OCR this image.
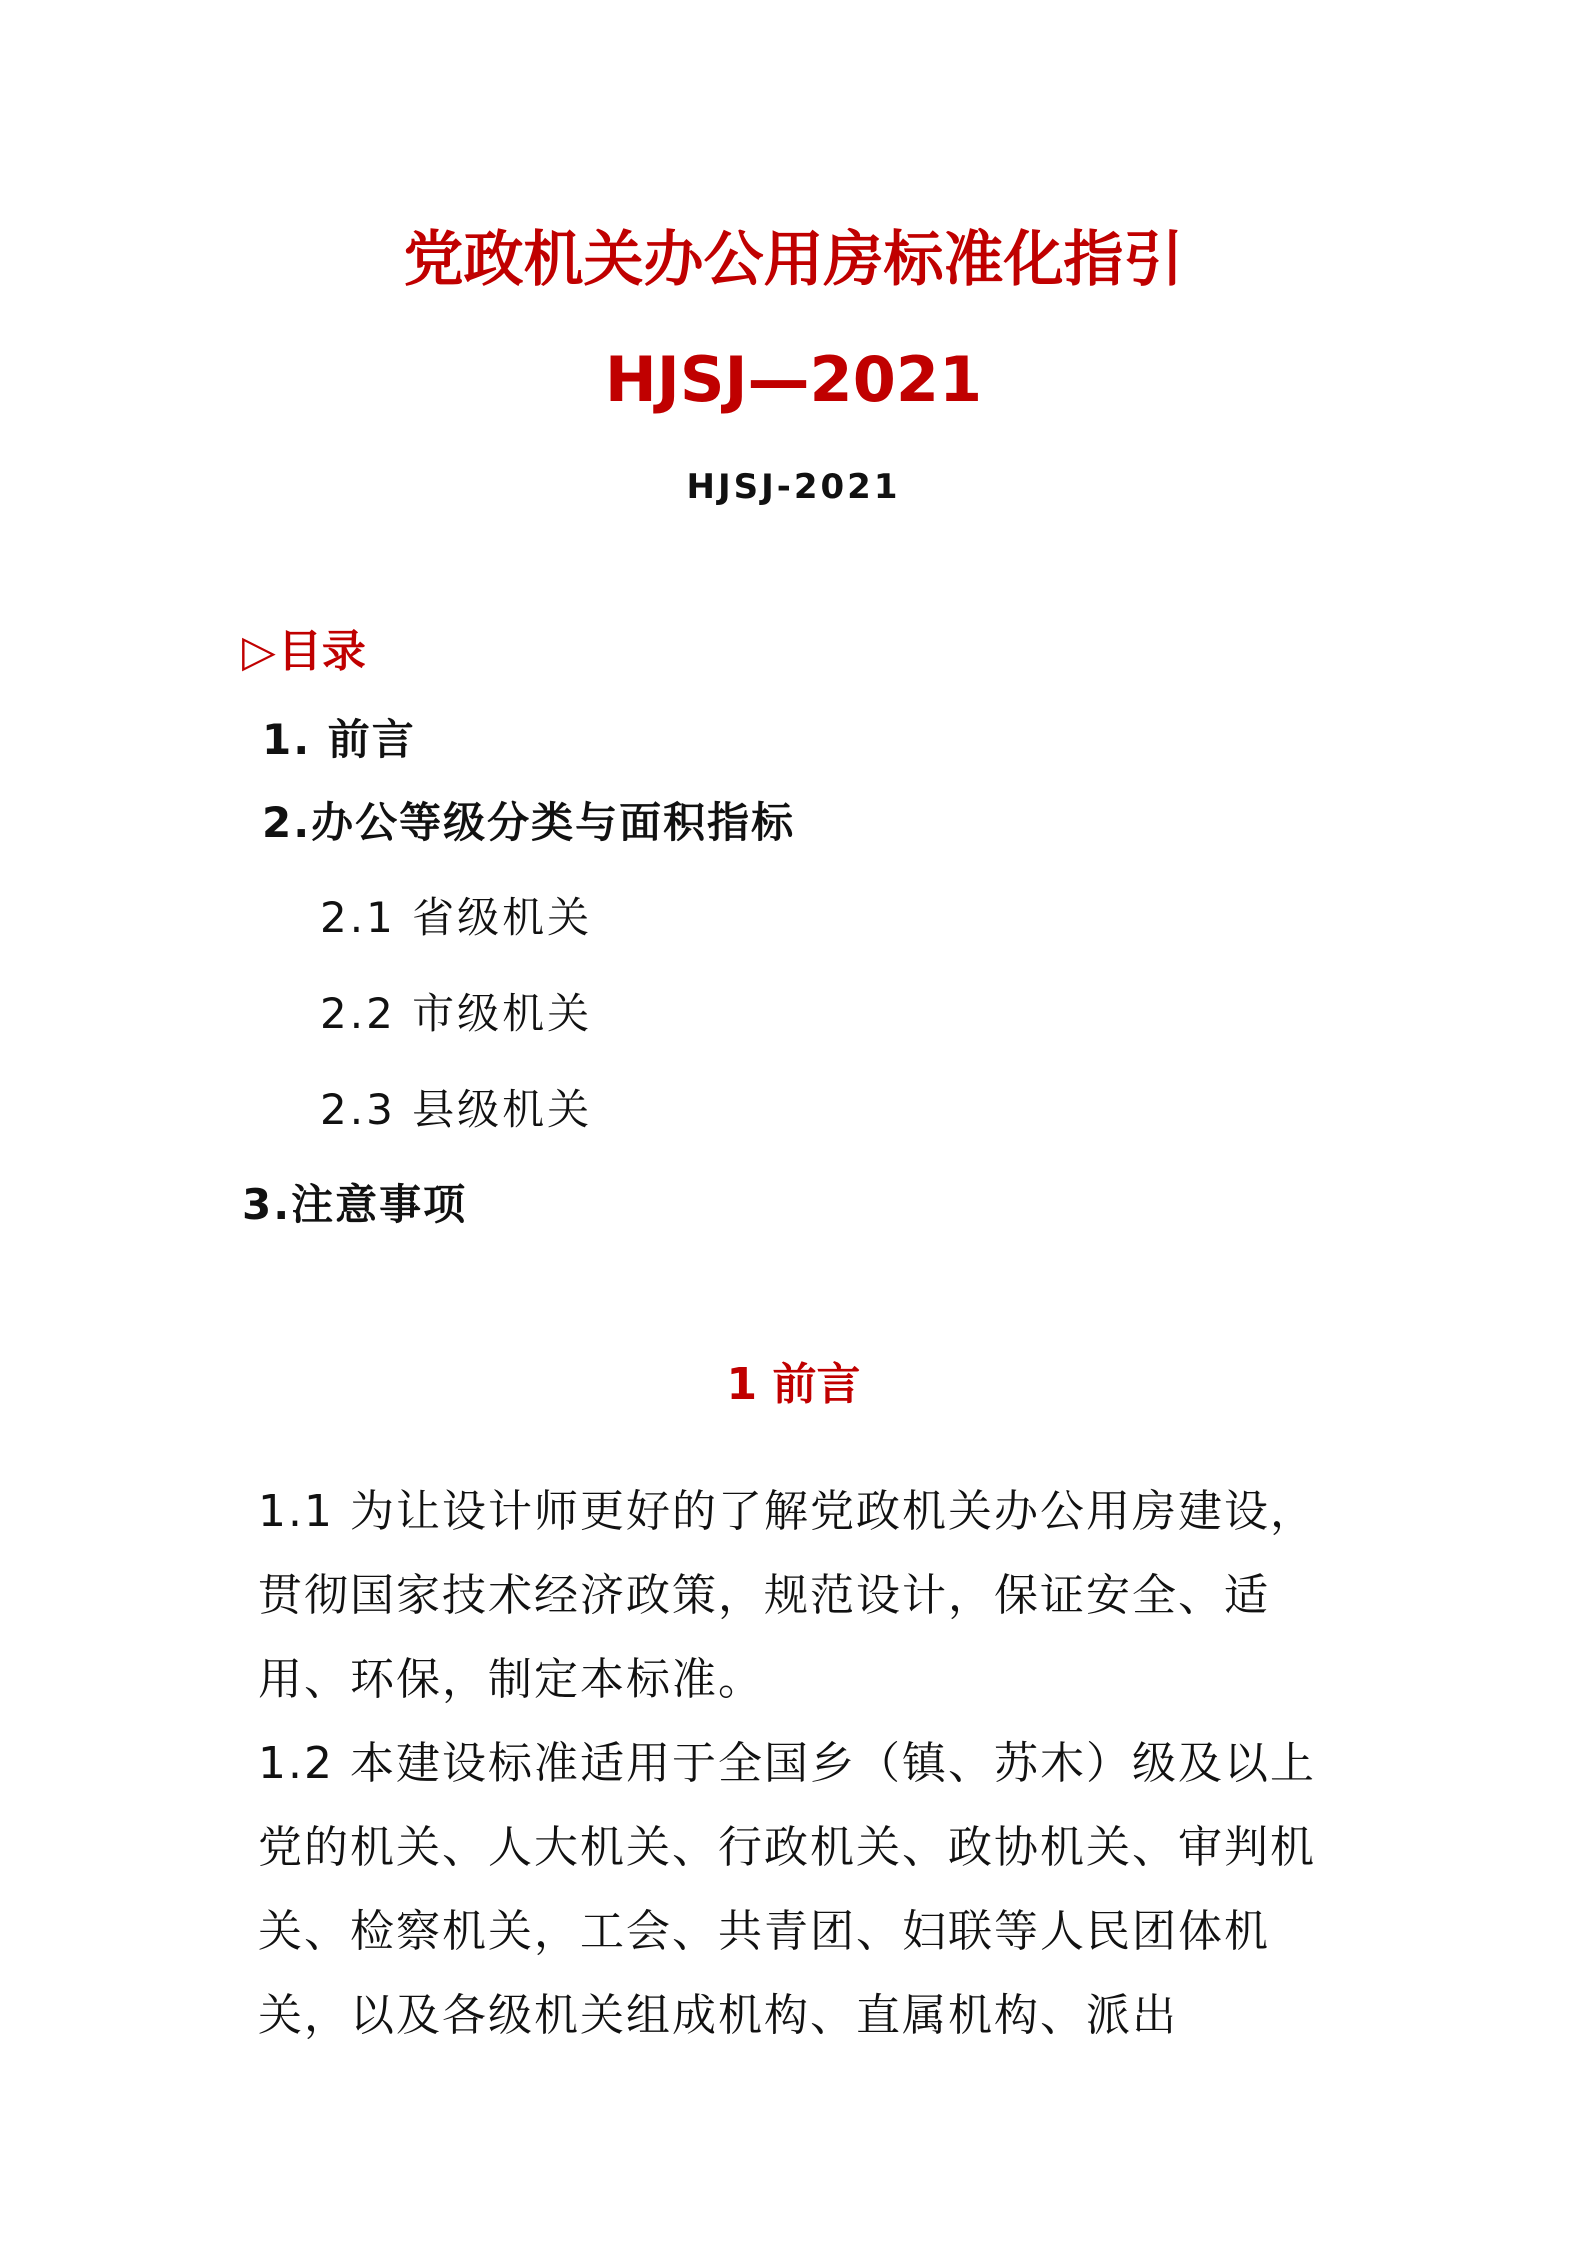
党政机关办公用房标准化指引
HJSJ—2021
HJSJ-2021
▷目录
1. 前言
2.办公等级分类与面积指标
2.1 省级机关
2.2 市级机关
2.3 县级机关
3.注意事项
1 前言

1.1 为让设计师更好的了解党政机关办公用房建设，贯彻国家技术经济政策，规范设计，保证安全、适用、环保，制定本标准。

1.2 本建设标准适用于全国乡（镇、苏木）级及以上党的机关、人大机关、行政机关、政协机关、审判机关、检察机关，工会、共青团、妇联等人民团体机关，以及各级机关组成机构、直属机构、派出
